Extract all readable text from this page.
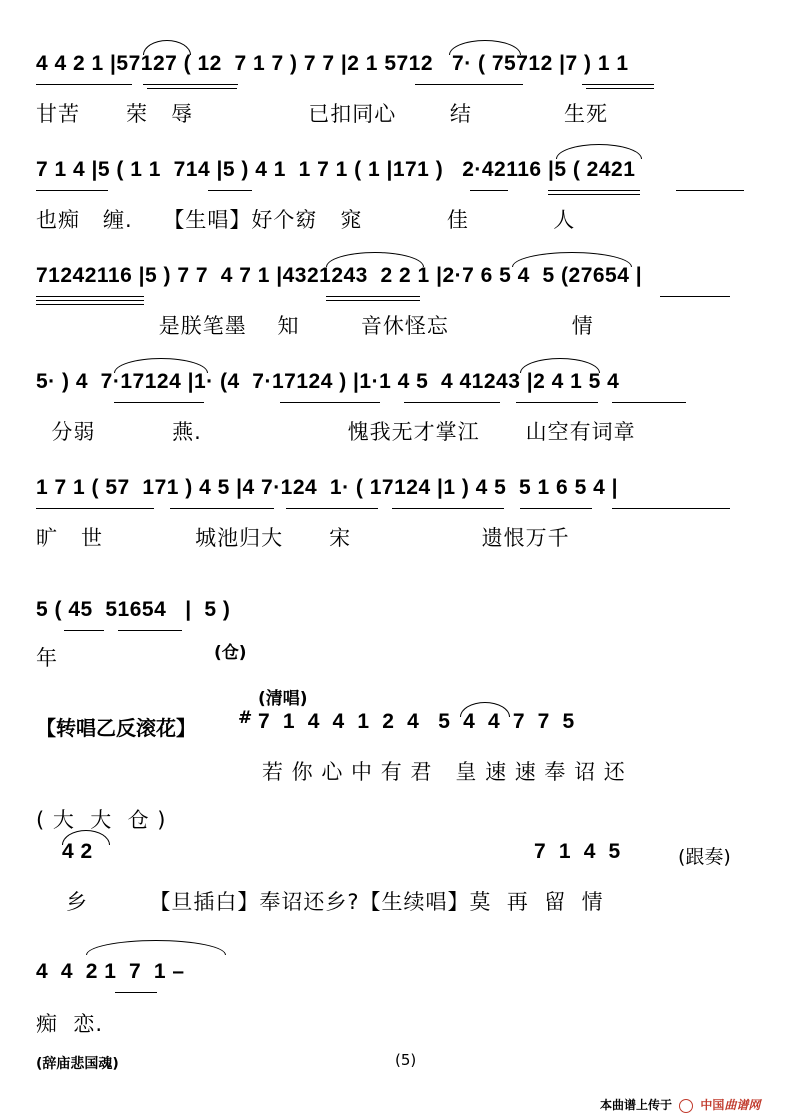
4 4 2 1 |57127 ( 12  7 1 7 ) 7 7 |2 1 5712   7· ( 75712 |7 ) 1 1
甘苦      荣   辱               已扣同心       结            生死
7 1 4 |5 ( 1 1  714 |5 ) 4 1  1 7 1 ( 1 |171 )   2·42116 |5 ( 2421
也痴   缠.    【生唱】好个窈   窕           佳           人
71242116 |5 ) 7 7  4 7 1 |4321243  2 2 1 |2·7 6 5 4  5 (27654 |
是朕笔墨    知        音休怪忘                情
5· ) 4  7·17124 |1· (4  7·17124 ) |1·1 4 5  4 41243 |2 4 1 5 4
分弱          燕.                   愧我无才掌江      山空有词章
1 7 1 ( 57  171 ) 4 5 |4 7·124  1· ( 17124 |1 ) 4 5  5 1 6 5 4 |
旷   世            城池归大      宋                 遗恨万千
5 ( 45  51654   |  5 )
年	(仓)
(清唱)
【转唱乙反滚花】 # 7  1  4  4  1  2  4   5  4  4  7  7  5
若 你 心 中 有 君   皇 速 速 奉 诏 还
( 大  大  仓 )
4 2	7  1  4  5	(跟奏)
乡        【旦插白】奉诏还乡?【生续唱】莫  再  留  情
4  4  2 1  7  1 –
痴  恋.
(辞庙悲国魂)	(5)
本曲谱上传于 中国曲谱网
